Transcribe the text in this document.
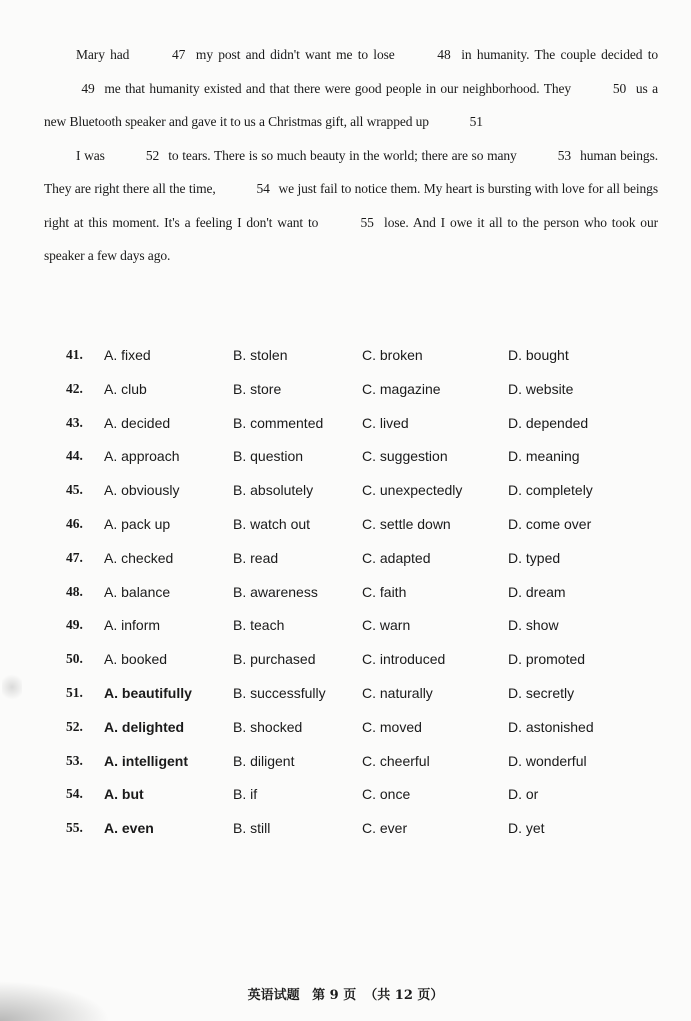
Mary had	47 my post and didn't want me to lose	48 in humanity. The couple decided to 49 me that humanity existed and that there were good people in our neighborhood. They	50 us a new Bluetooth speaker and gave it to us a Christmas gift, all wrapped up	51

I was	52 to tears. There is so much beauty in the world; there are so many	53 human beings. They are right there all the time,	54 we just fail to notice them. My heart is bursting with love for all beings right at this moment. It's a feeling I don't want to	55 lose. And I owe it all to the person who took our speaker a few days ago.

41. A. fixed	B. stolen	C. broken	D. bought
42. A. club	B. store	C. magazine	D. website
43. A. decided	B. commented	C. lived	D. depended
44. A. approach	B. question	C. suggestion	D. meaning
45. A. obviously	B. absolutely	C. unexpectedly	D. completely
46. A. pack up	B. watch out	C. settle down	D. come over
47. A. checked	B. read	C. adapted	D. typed
48. A. balance	B. awareness	C. faith	D. dream
49. A. inform	B. teach	C. warn	D. show
50. A. booked	B. purchased	C. introduced	D. promoted
51. A. beautifully	B. successfully	C. naturally	D. secretly
52. A. delighted	B. shocked	C. moved	D. astonished
53. A. intelligent	B. diligent	C. cheerful	D. wonderful
54. A. but	B. if	C. once	D. or
55. A. even	B. still	C. ever	D. yet
英语试题 第 9 页 （共 12 页）
